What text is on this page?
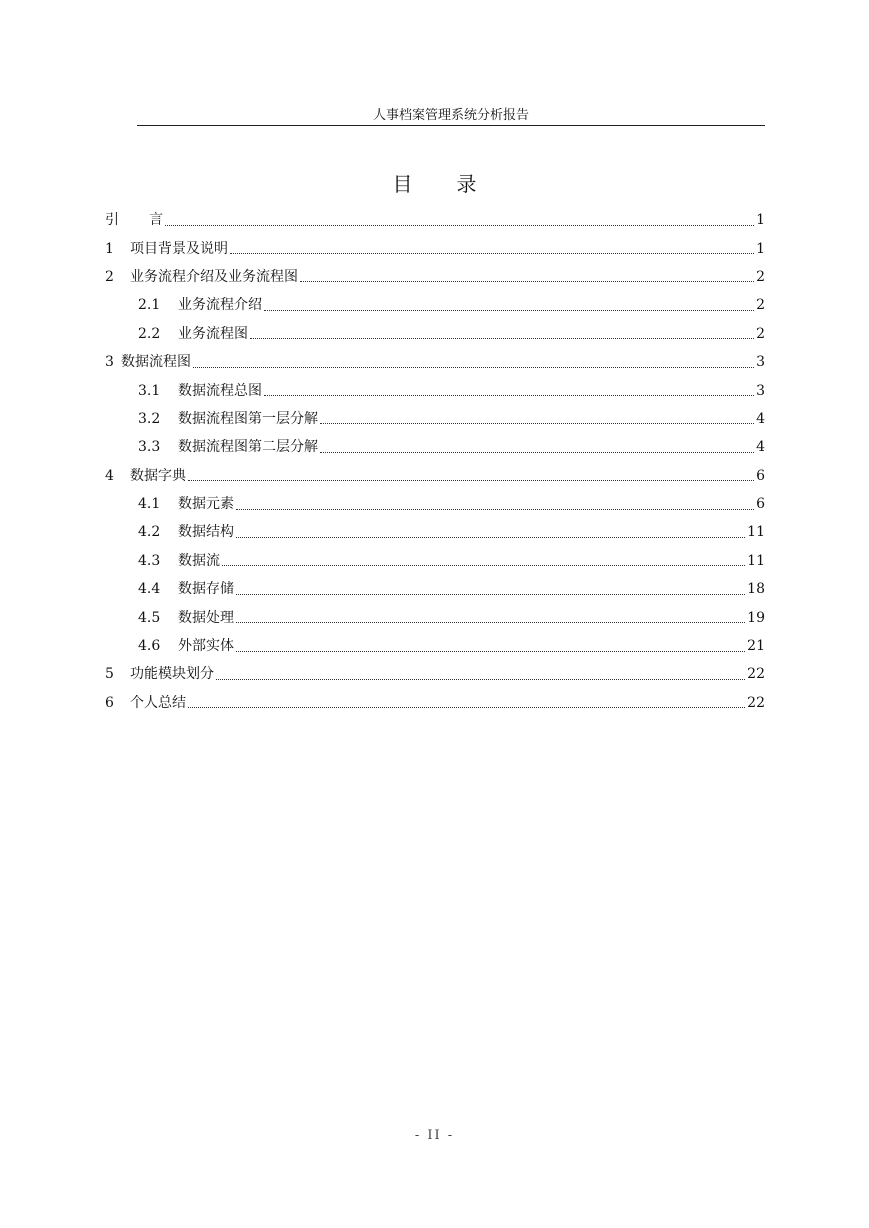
人事档案管理系统分析报告
目 录
引 言	1
1	项目背景及说明	1
2	业务流程介绍及业务流程图	2
2.1	业务流程介绍	2
2.2	业务流程图	2
3 数据流程图	3
3.1	数据流程总图	3
3.2	数据流程图第一层分解	4
3.3	数据流程图第二层分解	4
4	数据字典	6
4.1	数据元素	6
4.2	数据结构	11
4.3	数据流	11
4.4	数据存储	18
4.5	数据处理	19
4.6	外部实体	21
5	功能模块划分	22
6	个人总结	22
- II -
